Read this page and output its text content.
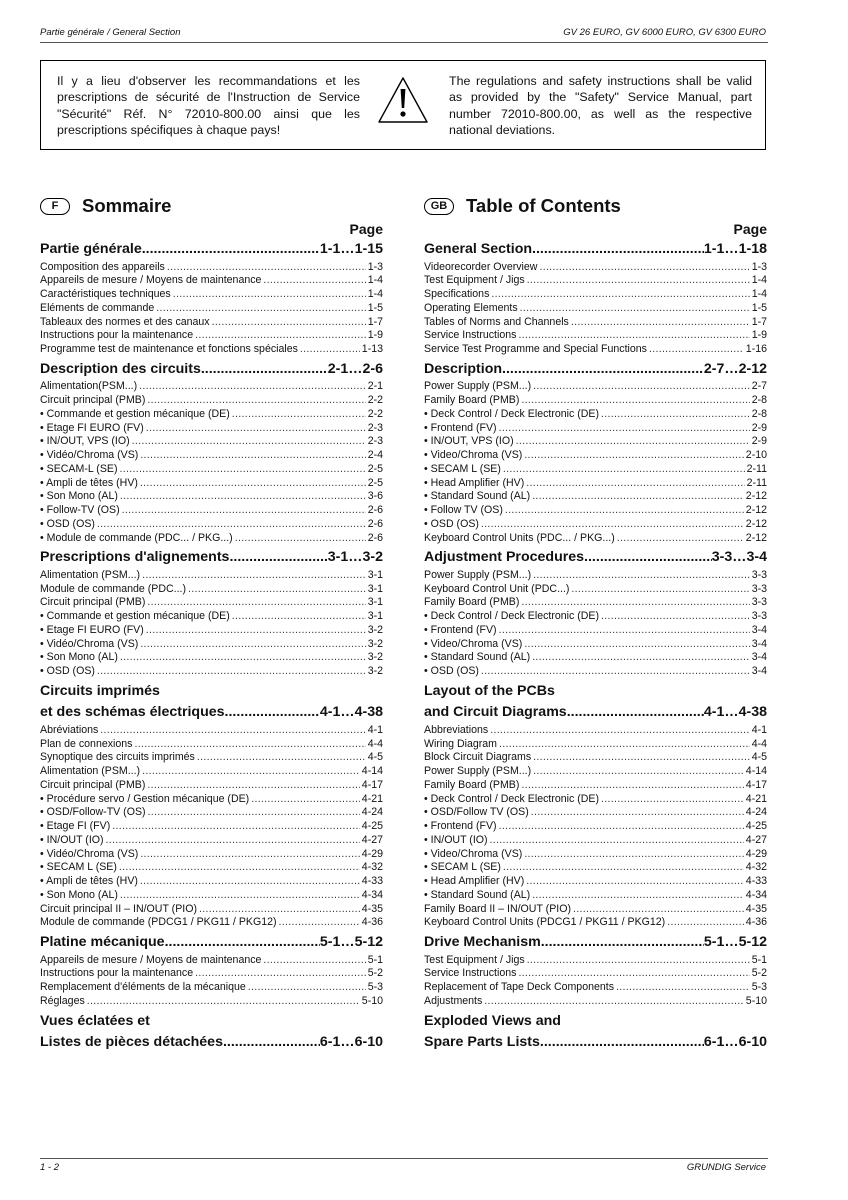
Partie générale / General Section	GV 26 EURO, GV 6000 EURO, GV 6300 EURO
Il y a lieu d'observer les recommandations et les prescriptions de sécurité de l'Instruction de Service "Sécurité" Réf. N° 72010-800.00 ainsi que les prescriptions spécifiques à chaque pays!
The regulations and safety instructions shall be valid as provided by the "Safety" Service Manual, part number 72010-800.00, as well as the respective national deviations.
F	Sommaire
Page
Partie générale .....	1-1…1-15
Composition des appareils .....	1-3
Appareils de mesure / Moyens de maintenance .....	1-4
Caractéristiques techniques .....	1-4
Eléments de commande .....	1-5
Tableaux des normes et des canaux .....	1-7
Instructions pour la maintenance .....	1-9
Programme test de maintenance et fonctions spéciales .....	1-13
Description des circuits .....	2-1…2-6
Alimentation(PSM...) .....	2-1
Circuit principal (PMB) .....	2-2
• Commande et gestion mécanique (DE) .....	2-2
• Etage FI EURO (FV) .....	2-3
• IN/OUT, VPS (IO) .....	2-3
• Vidéo/Chroma (VS) .....	2-4
• SECAM-L (SE) .....	2-5
• Ampli de têtes (HV) .....	2-5
• Son Mono (AL) .....	3-6
• Follow-TV (OS) .....	2-6
• OSD (OS) .....	2-6
• Module de commande (PDC... / PKG...) .....	2-6
Prescriptions d'alignements .....	3-1…3-2
Alimentation (PSM...) .....	3-1
Module de commande (PDC...) .....	3-1
Circuit principal (PMB) .....	3-1
• Commande et gestion mécanique (DE) .....	3-1
• Etage FI EURO (FV) .....	3-2
• Vidéo/Chroma (VS) .....	3-2
• Son Mono (AL) .....	3-2
• OSD (OS) .....	3-2
Circuits imprimés
et des schémas électriques .....	4-1…4-38
Abréviations .....	4-1
Plan de connexions .....	4-4
Synoptique des circuits imprimés .....	4-5
Alimentation (PSM...) .....	4-14
Circuit principal (PMB) .....	4-17
• Procédure servo / Gestion mécanique (DE) .....	4-21
• OSD/Follow-TV (OS) .....	4-24
• Etage FI (FV) .....	4-25
• IN/OUT (IO) .....	4-27
• Vidéo/Chroma (VS) .....	4-29
• SECAM L (SE) .....	4-32
• Ampli de têtes (HV) .....	4-33
• Son Mono (AL) .....	4-34
Circuit principal II – IN/OUT (PIO) .....	4-35
Module de commande (PDCG1 / PKG11 / PKG12) .....	4-36
Platine mécanique .....	5-1…5-12
Appareils de mesure / Moyens de maintenance .....	5-1
Instructions pour la maintenance .....	5-2
Remplacement d'éléments de la mécanique .....	5-3
Réglages .....	5-10
Vues éclatées et
Listes de pièces détachées .....	6-1…6-10
GB	Table of Contents
Page
General Section .....	1-1…1-18
Videorecorder Overview .....	1-3
Test Equipment / Jigs .....	1-4
Specifications .....	1-4
Operating Elements .....	1-5
Tables of Norms and Channels .....	1-7
Service Instructions .....	1-9
Service Test Programme and Special Functions .....	1-16
Description .....	2-7…2-12
Power Supply (PSM...) .....	2-7
Family Board (PMB) .....	2-8
• Deck Control / Deck Electronic (DE) .....	2-8
• Frontend (FV) .....	2-9
• IN/OUT, VPS (IO) .....	2-9
• Video/Chroma (VS) .....	2-10
• SECAM L (SE) .....	2-11
• Head Amplifier (HV) .....	2-11
• Standard Sound (AL) .....	2-12
• Follow TV (OS) .....	2-12
• OSD (OS) .....	2-12
Keyboard Control Units (PDC... / PKG...) .....	2-12
Adjustment Procedures .....	3-3…3-4
Power Supply (PSM...) .....	3-3
Keyboard Control Unit (PDC...) .....	3-3
Family Board (PMB) .....	3-3
• Deck Control / Deck Electronic (DE) .....	3-3
• Frontend (FV) .....	3-4
• Video/Chroma (VS) .....	3-4
• Standard Sound (AL) .....	3-4
• OSD (OS) .....	3-4
Layout of the PCBs
and Circuit Diagrams .....	4-1…4-38
Abbreviations .....	4-1
Wiring Diagram .....	4-4
Block Circuit Diagrams .....	4-5
Power Supply (PSM...) .....	4-14
Family Board (PMB) .....	4-17
• Deck Control / Deck Electronic (DE) .....	4-21
• OSD/Follow TV (OS) .....	4-24
• Frontend (FV) .....	4-25
• IN/OUT (IO) .....	4-27
• Video/Chroma (VS) .....	4-29
• SECAM L (SE) .....	4-32
• Head Amplifier (HV) .....	4-33
• Standard Sound (AL) .....	4-34
Family Board II – IN/OUT (PIO) .....	4-35
Keyboard Control Units (PDCG1 / PKG11 / PKG12) .....	4-36
Drive Mechanism .....	5-1…5-12
Test Equipment / Jigs .....	5-1
Service Instructions .....	5-2
Replacement of Tape Deck Components .....	5-3
Adjustments .....	5-10
Exploded Views and
Spare Parts Lists .....	6-1…6-10
1 - 2	GRUNDIG Service
